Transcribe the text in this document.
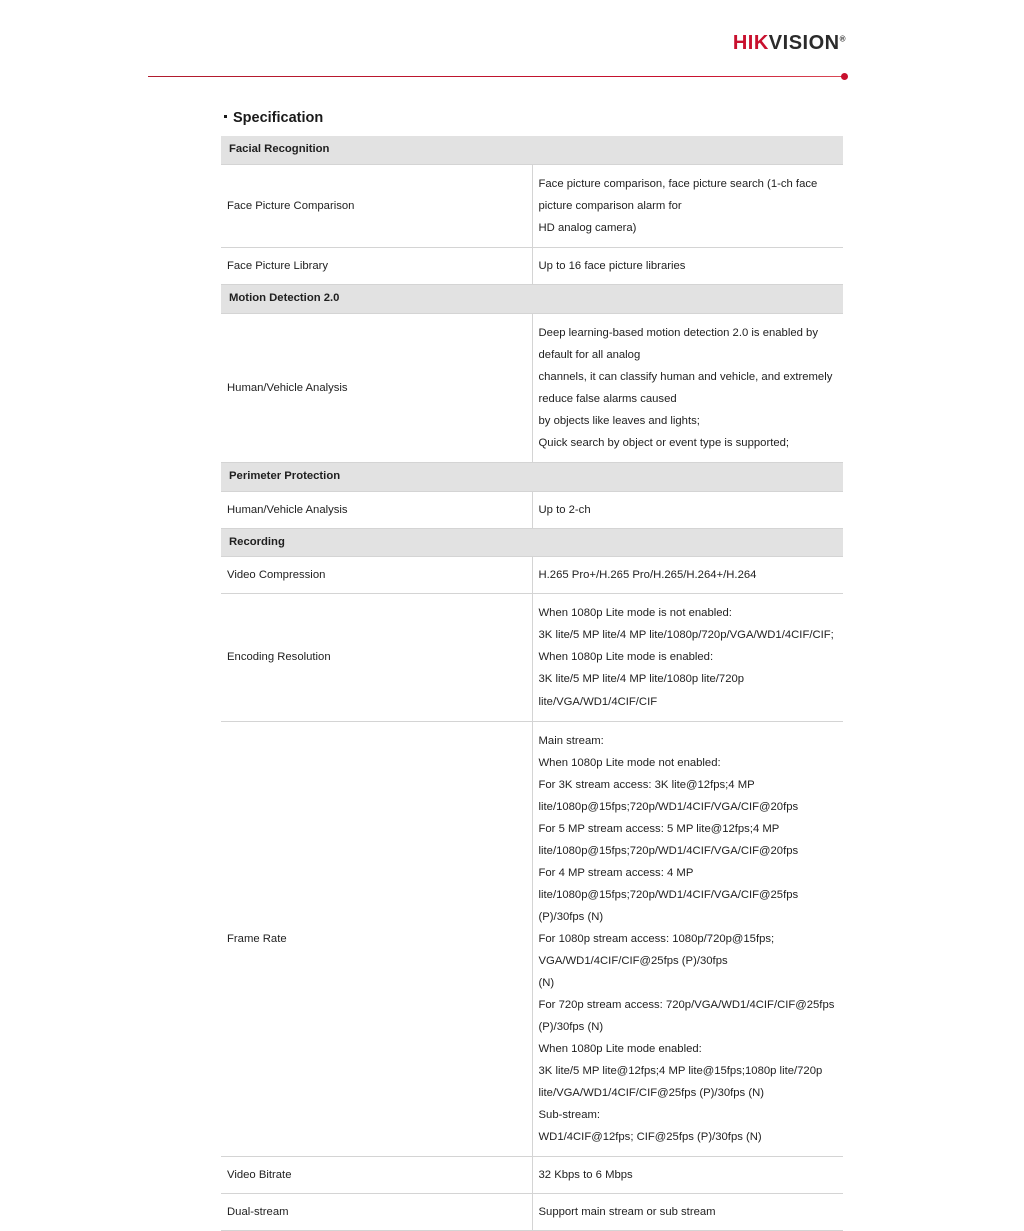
HIKVISION®
Specification
Facial Recognition	
Face Picture Comparison	Face picture comparison, face picture search (1-ch face picture comparison alarm for
HD analog camera)

Face Picture Library	Up to 16 face picture libraries

Motion Detection 2.0	
Human/Vehicle Analysis	Deep learning-based motion detection 2.0 is enabled by default for all analog
channels, it can classify human and vehicle, and extremely reduce false alarms caused
by objects like leaves and lights;
Quick search by object or event type is supported;

Perimeter Protection	
Human/Vehicle Analysis	Up to 2-ch

Recording	
Video Compression	H.265 Pro+/H.265 Pro/H.265/H.264+/H.264

Encoding Resolution	When 1080p Lite mode is not enabled:
3K lite/5 MP lite/4 MP lite/1080p/720p/VGA/WD1/4CIF/CIF;
When 1080p Lite mode is enabled:
3K lite/5 MP lite/4 MP lite/1080p lite/720p lite/VGA/WD1/4CIF/CIF

Frame Rate	
Main stream:
When 1080p Lite mode not enabled:
For 3K stream access: 3K lite@12fps;4 MP
lite/1080p@15fps;720p/WD1/4CIF/VGA/CIF@20fps
For 5 MP stream access: 5 MP lite@12fps;4 MP
lite/1080p@15fps;720p/WD1/4CIF/VGA/CIF@20fps
For 4 MP stream access: 4 MP lite/1080p@15fps;720p/WD1/4CIF/VGA/CIF@25fps
(P)/30fps (N)
For 1080p stream access: 1080p/720p@15fps; VGA/WD1/4CIF/CIF@25fps (P)/30fps
(N)
For 720p stream access: 720p/VGA/WD1/4CIF/CIF@25fps (P)/30fps (N)
When 1080p Lite mode enabled:
3K lite/5 MP lite@12fps;4 MP lite@15fps;1080p lite/720p
lite/VGA/WD1/4CIF/CIF@25fps (P)/30fps (N)
Sub-stream:
WD1/4CIF@12fps; CIF@25fps (P)/30fps (N)

Video Bitrate	32 Kbps to 6 Mbps

Dual-stream	Support main stream or sub stream
